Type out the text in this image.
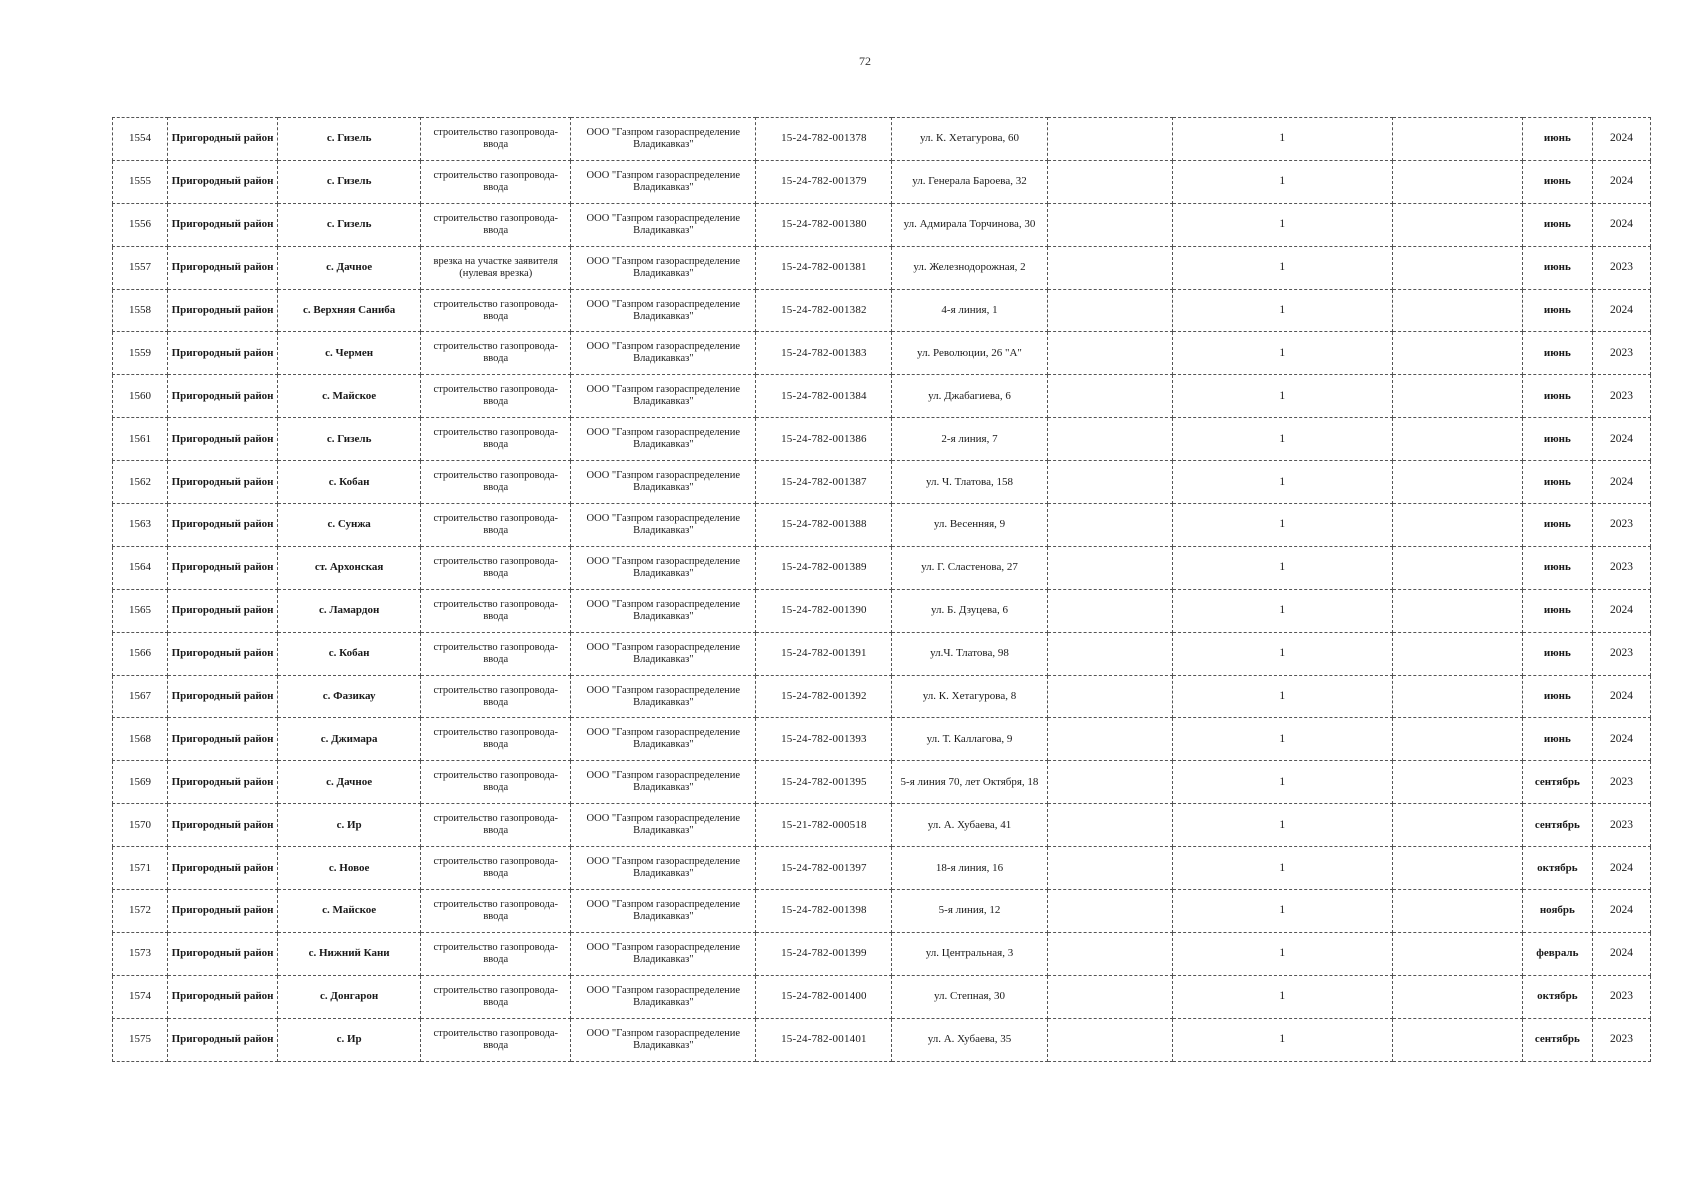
72
1554	Пригородный район	с. Гизель	строительство газопровода-ввода	ООО "Газпром газораспределение Владикавказ"	15-24-782-001378	ул. К. Хетагурова, 60		1		июнь	2024
1555	Пригородный район	с. Гизель	строительство газопровода-ввода	ООО "Газпром газораспределение Владикавказ"	15-24-782-001379	ул. Генерала Бароева, 32		1		июнь	2024
1556	Пригородный район	с. Гизель	строительство газопровода-ввода	ООО "Газпром газораспределение Владикавказ"	15-24-782-001380	ул. Адмирала Торчинова, 30		1		июнь	2024
1557	Пригородный район	с. Дачное	врезка на участке заявителя (нулевая врезка)	ООО "Газпром газораспределение Владикавказ"	15-24-782-001381	ул. Железнодорожная, 2		1		июнь	2023
1558	Пригородный район	с. Верхняя Саниба	строительство газопровода-ввода	ООО "Газпром газораспределение Владикавказ"	15-24-782-001382	4-я линия, 1		1		июнь	2024
1559	Пригородный район	с. Чермен	строительство газопровода-ввода	ООО "Газпром газораспределение Владикавказ"	15-24-782-001383	ул. Революции, 26 "А"		1		июнь	2023
1560	Пригородный район	с. Майское	строительство газопровода-ввода	ООО "Газпром газораспределение Владикавказ"	15-24-782-001384	ул. Джабагиева, 6		1		июнь	2023
1561	Пригородный район	с. Гизель	строительство газопровода-ввода	ООО "Газпром газораспределение Владикавказ"	15-24-782-001386	2-я линия, 7		1		июнь	2024
1562	Пригородный район	с. Кобан	строительство газопровода-ввода	ООО "Газпром газораспределение Владикавказ"	15-24-782-001387	ул. Ч. Тлатова, 158		1		июнь	2024
1563	Пригородный район	с. Сунжа	строительство газопровода-ввода	ООО "Газпром газораспределение Владикавказ"	15-24-782-001388	ул. Весенняя, 9		1		июнь	2023
1564	Пригородный район	ст. Архонская	строительство газопровода-ввода	ООО "Газпром газораспределение Владикавказ"	15-24-782-001389	ул. Г. Сластенова, 27		1		июнь	2023
1565	Пригородный район	с. Ламардон	строительство газопровода-ввода	ООО "Газпром газораспределение Владикавказ"	15-24-782-001390	ул. Б. Дзуцева, 6		1		июнь	2024
1566	Пригородный район	с. Кобан	строительство газопровода-ввода	ООО "Газпром газораспределение Владикавказ"	15-24-782-001391	ул.Ч. Тлатова, 98		1		июнь	2023
1567	Пригородный район	с. Фазикау	строительство газопровода-ввода	ООО "Газпром газораспределение Владикавказ"	15-24-782-001392	ул. К. Хетагурова, 8		1		июнь	2024
1568	Пригородный район	с. Джимара	строительство газопровода-ввода	ООО "Газпром газораспределение Владикавказ"	15-24-782-001393	ул. Т. Каллагова, 9		1		июнь	2024
1569	Пригородный район	с. Дачное	строительство газопровода-ввода	ООО "Газпром газораспределение Владикавказ"	15-24-782-001395	5-я линия 70, лет Октября, 18		1		сентябрь	2023
1570	Пригородный район	с. Ир	строительство газопровода-ввода	ООО "Газпром газораспределение Владикавказ"	15-21-782-000518	ул. А. Хубаева, 41		1		сентябрь	2023
1571	Пригородный район	с. Новое	строительство газопровода-ввода	ООО "Газпром газораспределение Владикавказ"	15-24-782-001397	18-я линия, 16		1		октябрь	2024
1572	Пригородный район	с. Майское	строительство газопровода-ввода	ООО "Газпром газораспределение Владикавказ"	15-24-782-001398	5-я линия, 12		1		ноябрь	2024
1573	Пригородный район	с. Нижний Кани	строительство газопровода-ввода	ООО "Газпром газораспределение Владикавказ"	15-24-782-001399	ул. Центральная, 3		1		февраль	2024
1574	Пригородный район	с. Донгарон	строительство газопровода-ввода	ООО "Газпром газораспределение Владикавказ"	15-24-782-001400	ул. Степная, 30		1		октябрь	2023
1575	Пригородный район	с. Ир	строительство газопровода-ввода	ООО "Газпром газораспределение Владикавказ"	15-24-782-001401	ул. А. Хубаева, 35		1		сентябрь	2023
